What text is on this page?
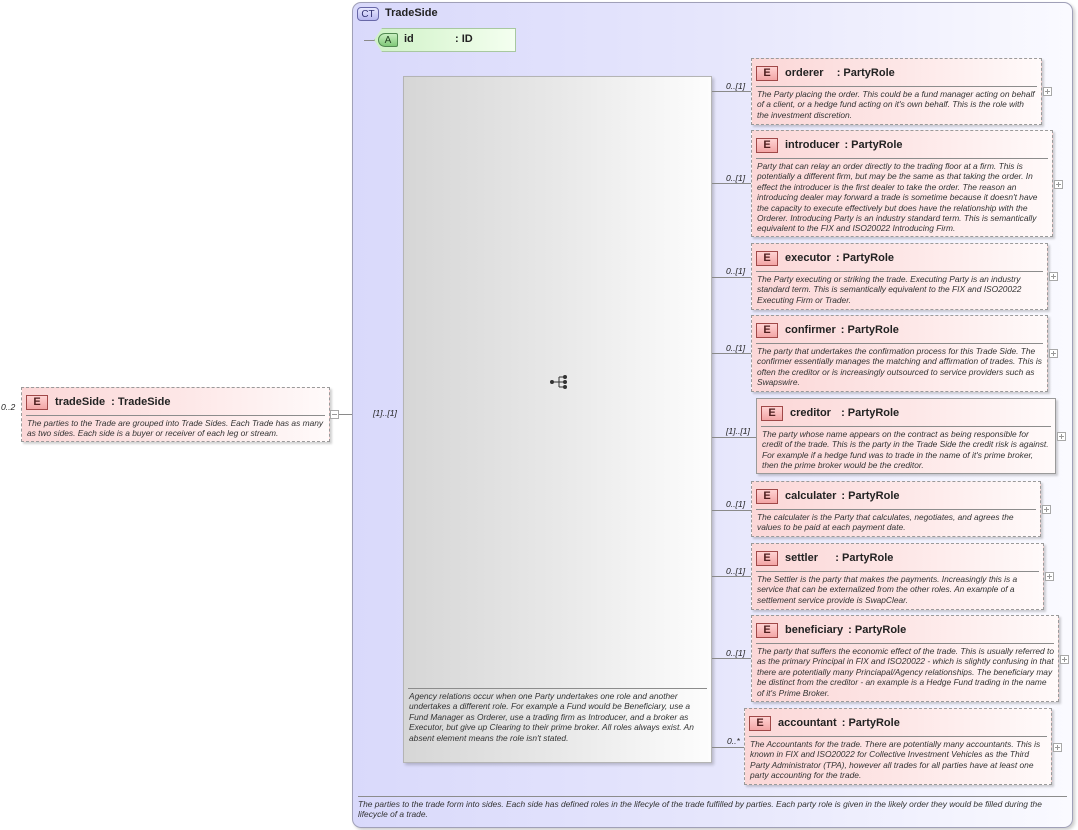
0..2	E	tradeSide : TradeSide
The parties to the Trade are grouped into Trade Sides. Each Trade has as many as two sides. Each side is a buyer or receiver of each leg or stream.
CT TradeSide
The parties to the trade form into sides. Each side has defined roles in the lifecyle of the trade fulfilled by parties. Each party role is given in the likely order they would be filled during the lifecycle of a trade.
A	id	: ID
Agency relations occur when one Party undertakes one role and another undertakes a different role. For example a Fund would be Beneficiary, use a Fund Manager as Orderer, use a trading firm as Introducer, and a broker as Executor, but give up Clearing to their prime broker. All roles always exist. An absent element means the role isn't stated.
[1]..[1]
0..[1]
E	orderer : PartyRole
The Party placing the order. This could be a fund manager acting on behalf of a client, or a hedge fund acting on it's own behalf. This is the role with the investment discretion.
0..[1]
E	introducer : PartyRole
Party that can relay an order directly to the trading floor at a firm. This is potentially a different firm, but may be the same as that taking the order. In effect the introducer is the first dealer to take the order. The reason an introducing dealer may forward a trade is sometime because it doesn't have the capacity to execute effectively but does have the relationship with the Orderer. Introducing Party is an industry standard term. This is semantically equivalent to the FIX and ISO20022 Introducing Firm.
0..[1]
E	executor : PartyRole
The Party executing or striking the trade. Executing Party is an industry standard term. This is semantically equivalent to the FIX and ISO20022 Executing Firm or Trader.
0..[1]
E	confirmer : PartyRole
The party that undertakes the confirmation process for this Trade Side. The confirmer essentially manages the matching and affirmation of trades. This is often the creditor or is increasingly outsourced to service providers such as Swapswire.
[1]..[1]
E	creditor : PartyRole
The party whose name appears on the contract as being responsible for credit of the trade. This is the party in the Trade Side the credit risk is against. For example if a hedge fund was to trade in the name of it's prime broker, then the prime broker would be the creditor.
0..[1]
E	calculater : PartyRole
The calculater is the Party that calculates, negotiates, and agrees the values to be paid at each payment date.
0..[1]
E	settler : PartyRole
The Settler is the party that makes the payments. Increasingly this is a service that can be externalized from the other roles. An example of a settlement service provide is SwapClear.
0..[1]
E	beneficiary : PartyRole
The party that suffers the economic effect of the trade. This is usually referred to as the primary Principal in FIX and ISO20022 - which is slightly confusing in that there are potentially many Princiapal/Agency relationships. The beneficiary may be distinct from the creditor - an example is a Hedge Fund trading in the name of it's Prime Broker.
0..*
E	accountant : PartyRole
The Accountants for the trade. There are potentially many accountants. This is known in FIX and ISO20022 for Collective Investment Vehicles as the Third Party Administrator (TPA), however all trades for all parties have at least one party accounting for the trade.
